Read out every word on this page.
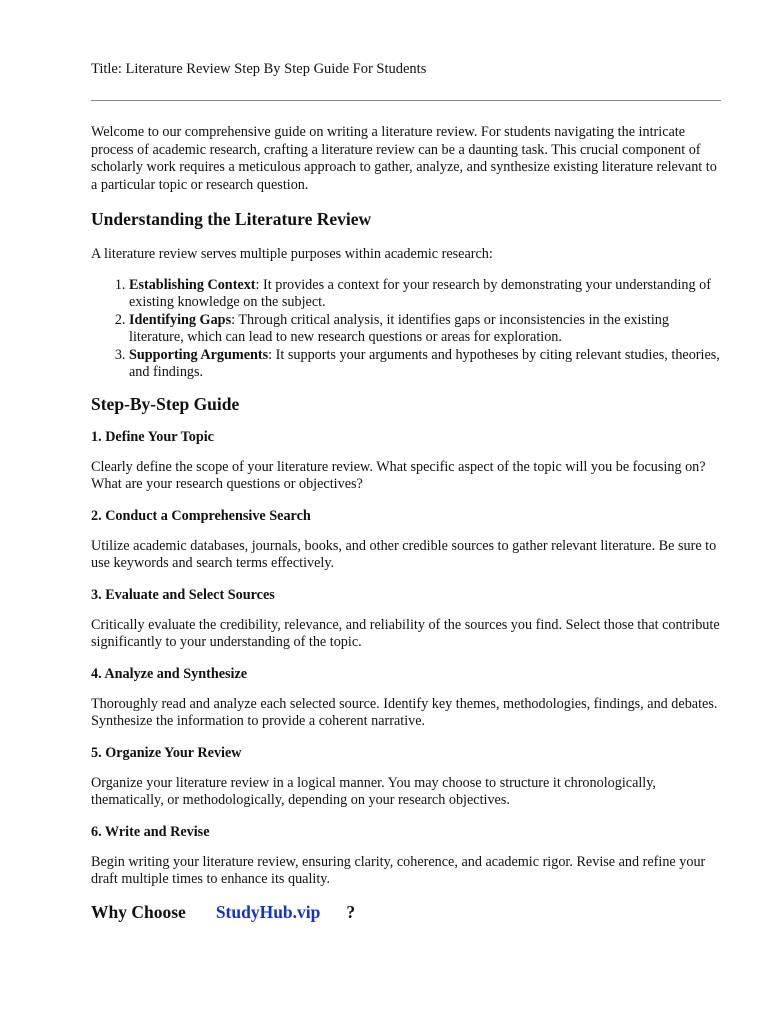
Title: Literature Review Step By Step Guide For Students

Welcome to our comprehensive guide on writing a literature review. For students navigating the intricate process of academic research, crafting a literature review can be a daunting task. This crucial component of scholarly work requires a meticulous approach to gather, analyze, and synthesize existing literature relevant to a particular topic or research question.

Understanding the Literature Review

A literature review serves multiple purposes within academic research:

1. Establishing Context: It provides a context for your research by demonstrating your understanding of existing knowledge on the subject.
2. Identifying Gaps: Through critical analysis, it identifies gaps or inconsistencies in the existing literature, which can lead to new research questions or areas for exploration.
3. Supporting Arguments: It supports your arguments and hypotheses by citing relevant studies, theories, and findings.
Step-By-Step Guide
1. Define Your Topic

Clearly define the scope of your literature review. What specific aspect of the topic will you be focusing on? What are your research questions or objectives?

2. Conduct a Comprehensive Search

Utilize academic databases, journals, books, and other credible sources to gather relevant literature. Be sure to use keywords and search terms effectively.

3. Evaluate and Select Sources

Critically evaluate the credibility, relevance, and reliability of the sources you find. Select those that contribute significantly to your understanding of the topic.

4. Analyze and Synthesize

Thoroughly read and analyze each selected source. Identify key themes, methodologies, findings, and debates. Synthesize the information to provide a coherent narrative.

5. Organize Your Review

Organize your literature review in a logical manner. You may choose to structure it chronologically, thematically, or methodologically, depending on your research objectives.

6. Write and Revise

Begin writing your literature review, ensuring clarity, coherence, and academic rigor. Revise and refine your draft multiple times to enhance its quality.

Why Choose StudyHub.vip ?
